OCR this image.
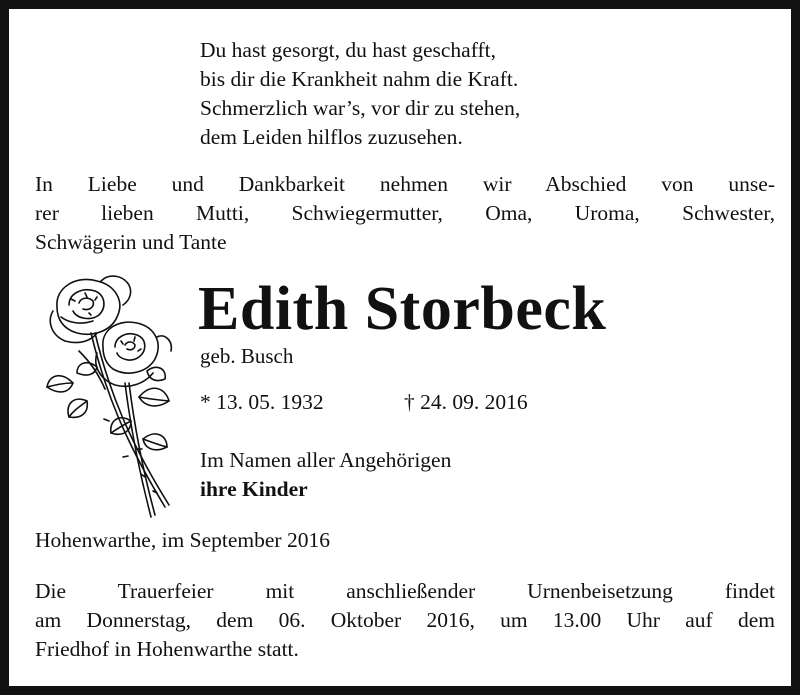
Du hast gesorgt, du hast geschafft,
bis dir die Krankheit nahm die Kraft.
Schmerzlich war’s, vor dir zu stehen,
dem Leiden hilflos zuzusehen.
In Liebe und Dankbarkeit nehmen wir Abschied von unse-
rer lieben Mutti, Schwiegermutter, Oma, Uroma, Schwester,
Schwägerin und Tante
Edith Storbeck
geb. Busch
* 13. 05. 1932	† 24. 09. 2016
Im Namen aller Angehörigen
ihre Kinder
Hohenwarthe, im September 2016
Die Trauerfeier mit anschließender Urnenbeisetzung findet
am Donnerstag, dem 06. Oktober 2016, um 13.00 Uhr auf dem
Friedhof in Hohenwarthe statt.
